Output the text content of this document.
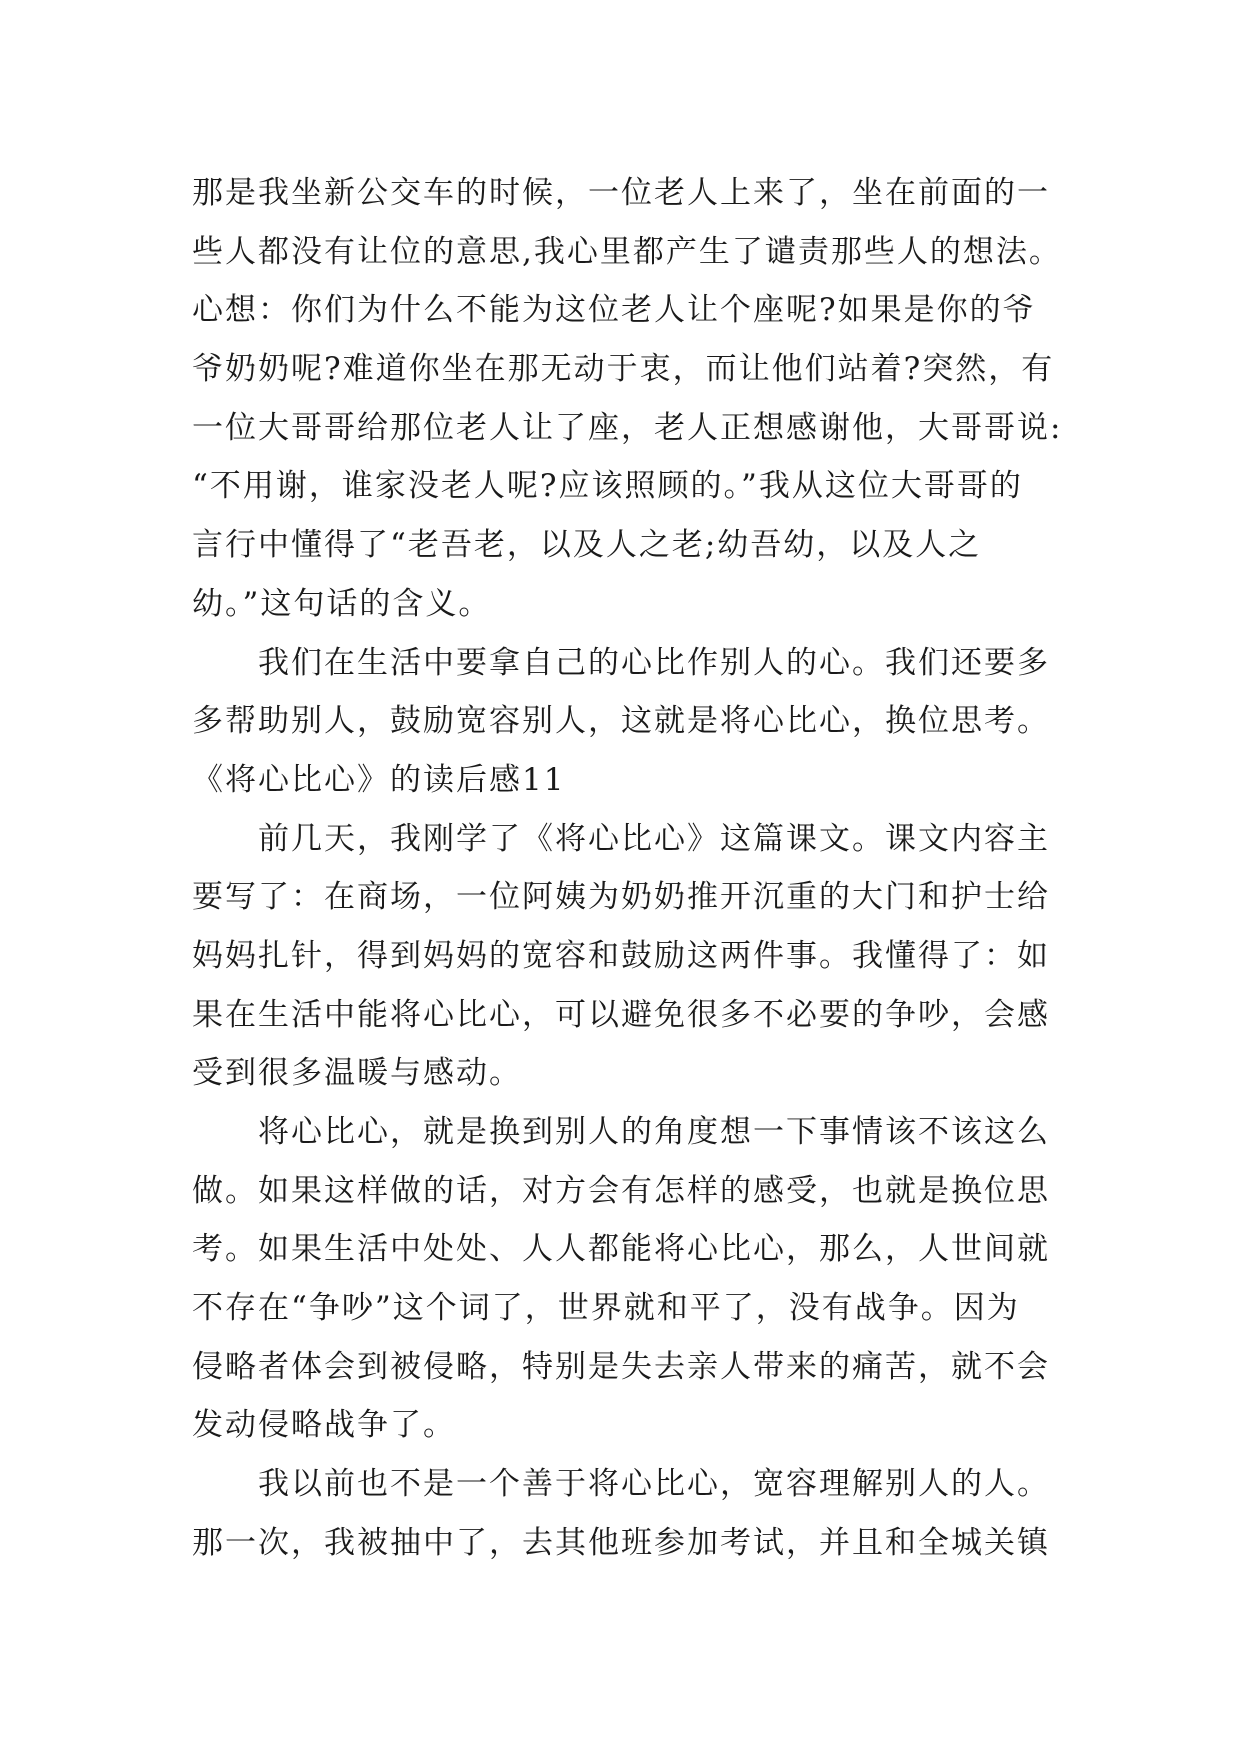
那是我坐新公交车的时候，一位老人上来了，坐在前面的一
些人都没有让位的意思,我心里都产生了谴责那些人的想法。
心想：你们为什么不能为这位老人让个座呢?如果是你的爷
爷奶奶呢?难道你坐在那无动于衷，而让他们站着?突然，有
一位大哥哥给那位老人让了座，老人正想感谢他，大哥哥说:
“不用谢，谁家没老人呢?应该照顾的。”我从这位大哥哥的
言行中懂得了“老吾老，以及人之老;幼吾幼，以及人之
幼。”这句话的含义。
我们在生活中要拿自己的心比作别人的心。我们还要多
多帮助别人，鼓励宽容别人，这就是将心比心，换位思考。
《将心比心》的读后感11
前几天，我刚学了《将心比心》这篇课文。课文内容主
要写了：在商场，一位阿姨为奶奶推开沉重的大门和护士给
妈妈扎针，得到妈妈的宽容和鼓励这两件事。我懂得了：如
果在生活中能将心比心，可以避免很多不必要的争吵，会感
受到很多温暖与感动。
将心比心，就是换到别人的角度想一下事情该不该这么
做。如果这样做的话，对方会有怎样的感受，也就是换位思
考。如果生活中处处、人人都能将心比心，那么，人世间就
不存在“争吵”这个词了，世界就和平了，没有战争。因为
侵略者体会到被侵略，特别是失去亲人带来的痛苦，就不会
发动侵略战争了。
我以前也不是一个善于将心比心，宽容理解别人的人。
那一次，我被抽中了，去其他班参加考试，并且和全城关镇
